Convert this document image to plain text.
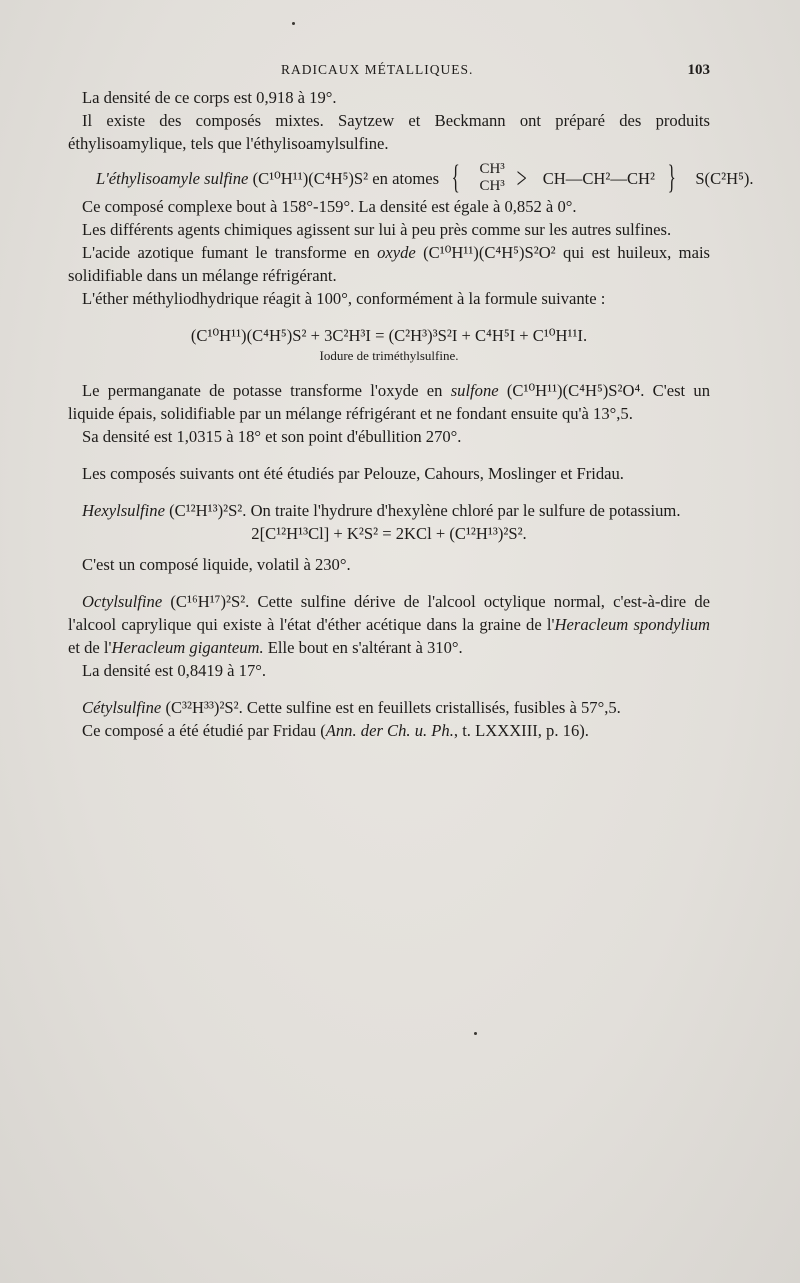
RADICAUX MÉTALLIQUES.	103

La densité de ce corps est 0,918 à 19°.

Il existe des composés mixtes. Saytzew et Beckmann ont préparé des produits éthylisoamylique, tels que l'éthylisoamylsulfine.

L'éthylisoamyle sulfine (C¹⁰H¹¹)(C⁴H⁵)S² en atomes {	CH³
CH³ > CH—CH²—CH² }	S(C²H⁵).

Ce composé complexe bout à 158°-159°. La densité est égale à 0,852 à 0°.

Les différents agents chimiques agissent sur lui à peu près comme sur les autres sulfines.

L'acide azotique fumant le transforme en oxyde (C¹⁰H¹¹)(C⁴H⁵)S²O² qui est huileux, mais solidifiable dans un mélange réfrigérant.

L'éther méthyliodhydrique réagit à 100°, conformément à la formule suivante :

(C¹⁰H¹¹)(C⁴H⁵)S² + 3C²H³I = (C²H³)³S²I + C⁴H⁵I + C¹⁰H¹¹I.

Iodure de triméthylsulfine.

Le permanganate de potasse transforme l'oxyde en sulfone (C¹⁰H¹¹)(C⁴H⁵)S²O⁴. C'est un liquide épais, solidifiable par un mélange réfrigérant et ne fondant ensuite qu'à 13°,5.

Sa densité est 1,0315 à 18° et son point d'ébullition 270°.

Les composés suivants ont été étudiés par Pelouze, Cahours, Moslinger et Fridau.

Hexylsulfine (C¹²H¹³)²S². On traite l'hydrure d'hexylène chloré par le sulfure de potassium.

2[C¹²H¹³Cl] + K²S² = 2KCl + (C¹²H¹³)²S².

C'est un composé liquide, volatil à 230°.

Octylsulfine (C¹⁶H¹⁷)²S². Cette sulfine dérive de l'alcool octylique normal, c'est-à-dire de l'alcool caprylique qui existe à l'état d'éther acétique dans la graine de l'Heracleum spondylium et de l'Heracleum giganteum. Elle bout en s'altérant à 310°.

La densité est 0,8419 à 17°.

Cétylsulfine (C³²H³³)²S². Cette sulfine est en feuillets cristallisés, fusibles à 57°,5.

Ce composé a été étudié par Fridau (Ann. der Ch. u. Ph., t. LXXXIII, p. 16).
